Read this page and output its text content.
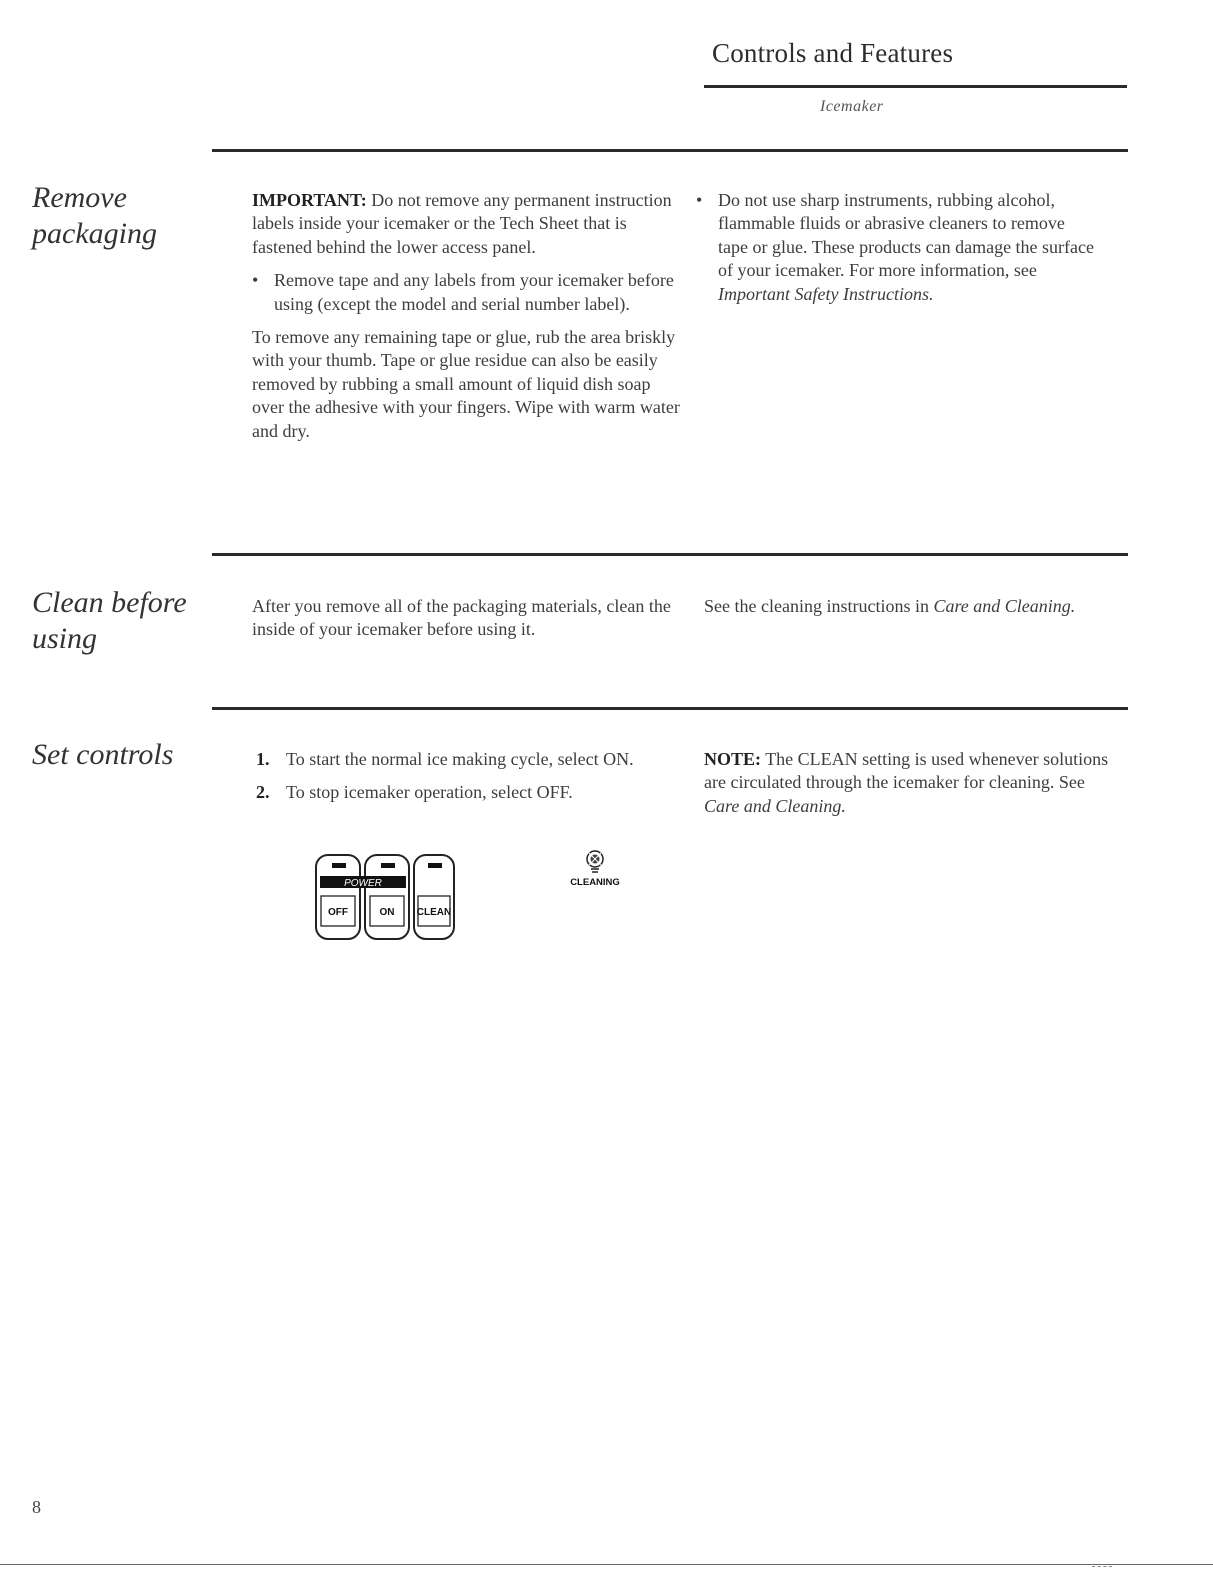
Controls and Features
Icemaker
Remove
packaging

IMPORTANT: Do not remove any permanent instruction labels inside your icemaker or the Tech Sheet that is fastened behind the lower access panel.

• Remove tape and any labels from your icemaker before using (except the model and serial number label).

To remove any remaining tape or glue, rub the area briskly with your thumb. Tape or glue residue can also be easily removed by rubbing a small amount of liquid dish soap over the adhesive with your fingers. Wipe with warm water and dry.

• Do not use sharp instruments, rubbing alcohol, flammable fluids or abrasive cleaners to remove tape or glue. These products can damage the surface of your icemaker. For more information, see Important Safety Instructions.

Clean before
using

After you remove all of the packaging materials, clean the inside of your icemaker before using it.

See the cleaning instructions in Care and Cleaning.

Set controls	1. To start the normal ice making cycle, select ON.

2. To stop icemaker operation, select OFF.

NOTE: The CLEAN setting is used whenever solutions are circulated through the icemaker for cleaning. See Care and Cleaning.

POWER
OFF	ON CLEAN
CLEANING
8
